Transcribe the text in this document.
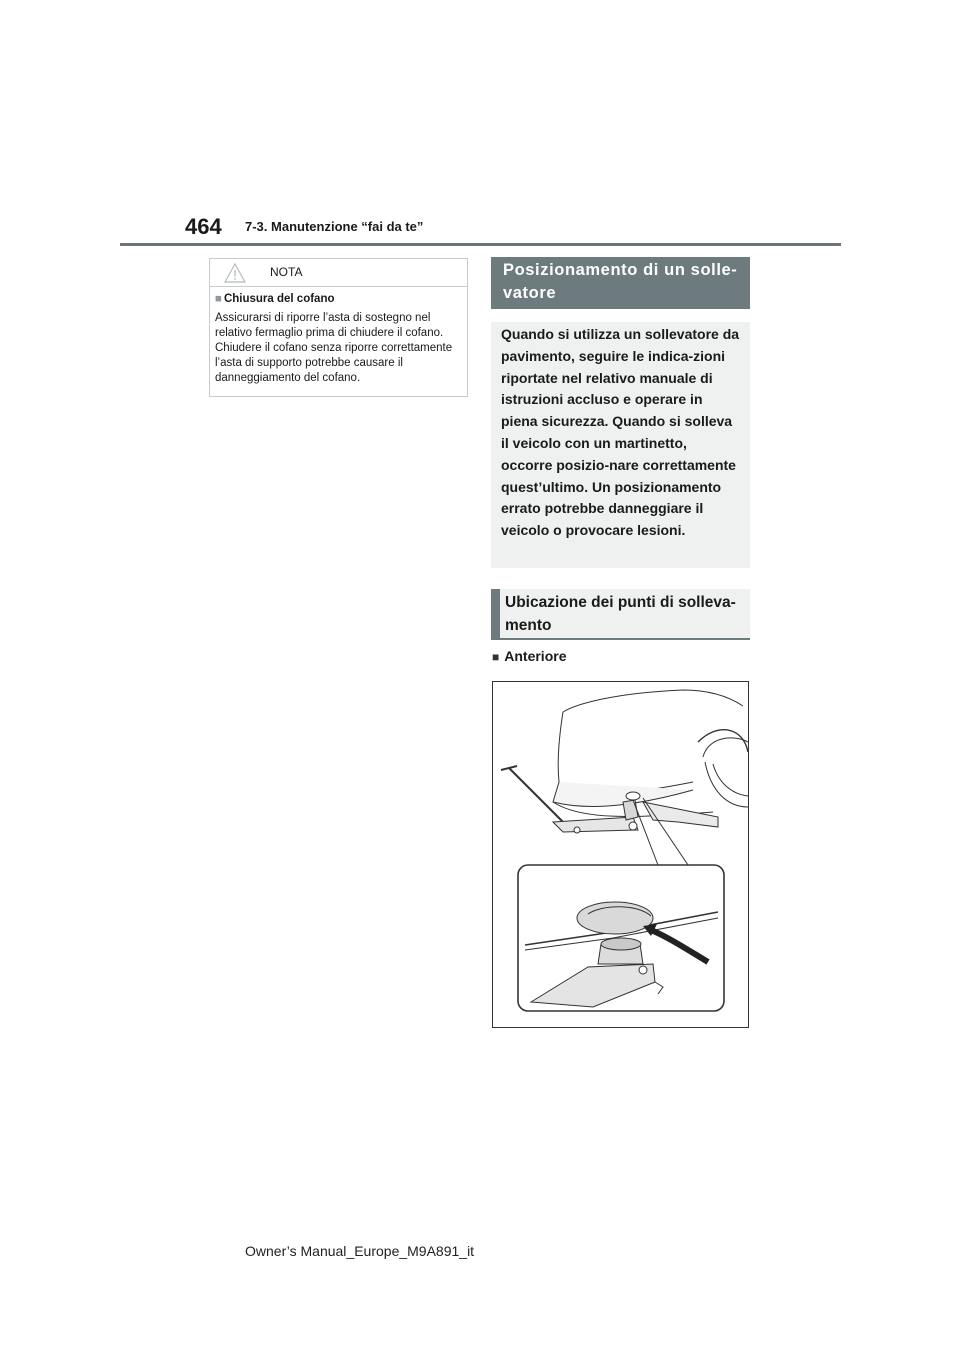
464 7-3. Manutenzione “fai da te”
NOTA
■ Chiusura del cofano
Assicurarsi di riporre l’asta di sostegno nel relativo fermaglio prima di chiudere il cofano. Chiudere il cofano senza riporre correttamente l’asta di supporto potrebbe causare il danneggiamento del cofano.
Posizionamento di un solle-vatore
Quando si utilizza un sollevatore da pavimento, seguire le indica-zioni riportate nel relativo manuale di istruzioni accluso e operare in piena sicurezza. Quando si solleva il veicolo con un martinetto, occorre posizio-nare correttamente quest’ultimo. Un posizionamento errato potrebbe danneggiare il veicolo o provocare lesioni.
Ubicazione dei punti di solleva-mento
■ Anteriore
Owner’s Manual_Europe_M9A891_it
